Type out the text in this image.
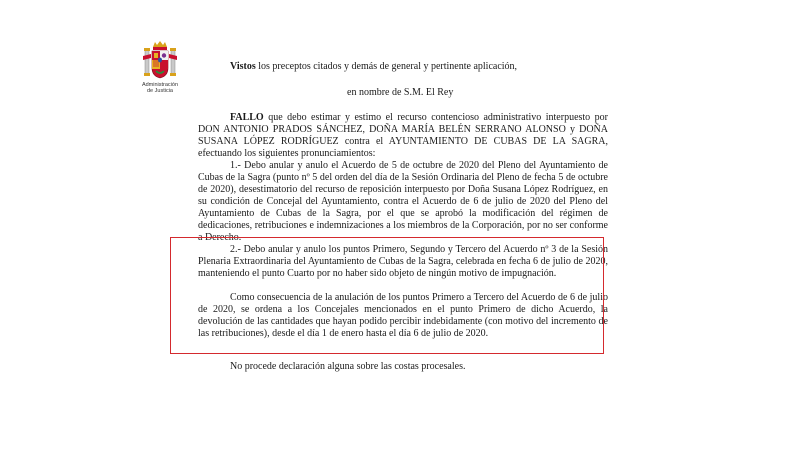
Administración
de Justicia

Vistos los preceptos citados y demás de general y pertinente aplicación,

en nombre de S.M. El Rey

FALLO que debo estimar y estimo el recurso contencioso administrativo interpuesto por DON ANTONIO PRADOS SÁNCHEZ, DOÑA MARÍA BELÉN SERRANO ALONSO y DOÑA SUSANA LÓPEZ RODRÍGUEZ contra el AYUNTAMIENTO DE CUBAS DE LA SAGRA, efectuando los siguientes pronunciamientos:

1.- Debo anular y anulo el Acuerdo de 5 de octubre de 2020 del Pleno del Ayuntamiento de Cubas de la Sagra (punto nº 5 del orden del día de la Sesión Ordinaria del Pleno de fecha 5 de octubre de 2020), desestimatorio del recurso de reposición interpuesto por Doña Susana López Rodríguez, en su condición de Concejal del Ayuntamiento, contra el Acuerdo de 6 de julio de 2020 del Pleno del Ayuntamiento de Cubas de la Sagra, por el que se aprobó la modificación del régimen de dedicaciones, retribuciones e indemnizaciones a los miembros de la Corporación, por no ser conforme a Derecho.

2.- Debo anular y anulo los puntos Primero, Segundo y Tercero del Acuerdo nº 3 de la Sesión Plenaria Extraordinaria del Ayuntamiento de Cubas de la Sagra, celebrada en fecha 6 de julio de 2020, manteniendo el punto Cuarto por no haber sido objeto de ningún motivo de impugnación.

Como consecuencia de la anulación de los puntos Primero a Tercero del Acuerdo de 6 de julio de 2020, se ordena a los Concejales mencionados en el punto Primero de dicho Acuerdo, la devolución de las cantidades que hayan podido percibir indebidamente (con motivo del incremento de las retribuciones), desde el día 1 de enero hasta el día 6 de julio de 2020.

No procede declaración alguna sobre las costas procesales.
